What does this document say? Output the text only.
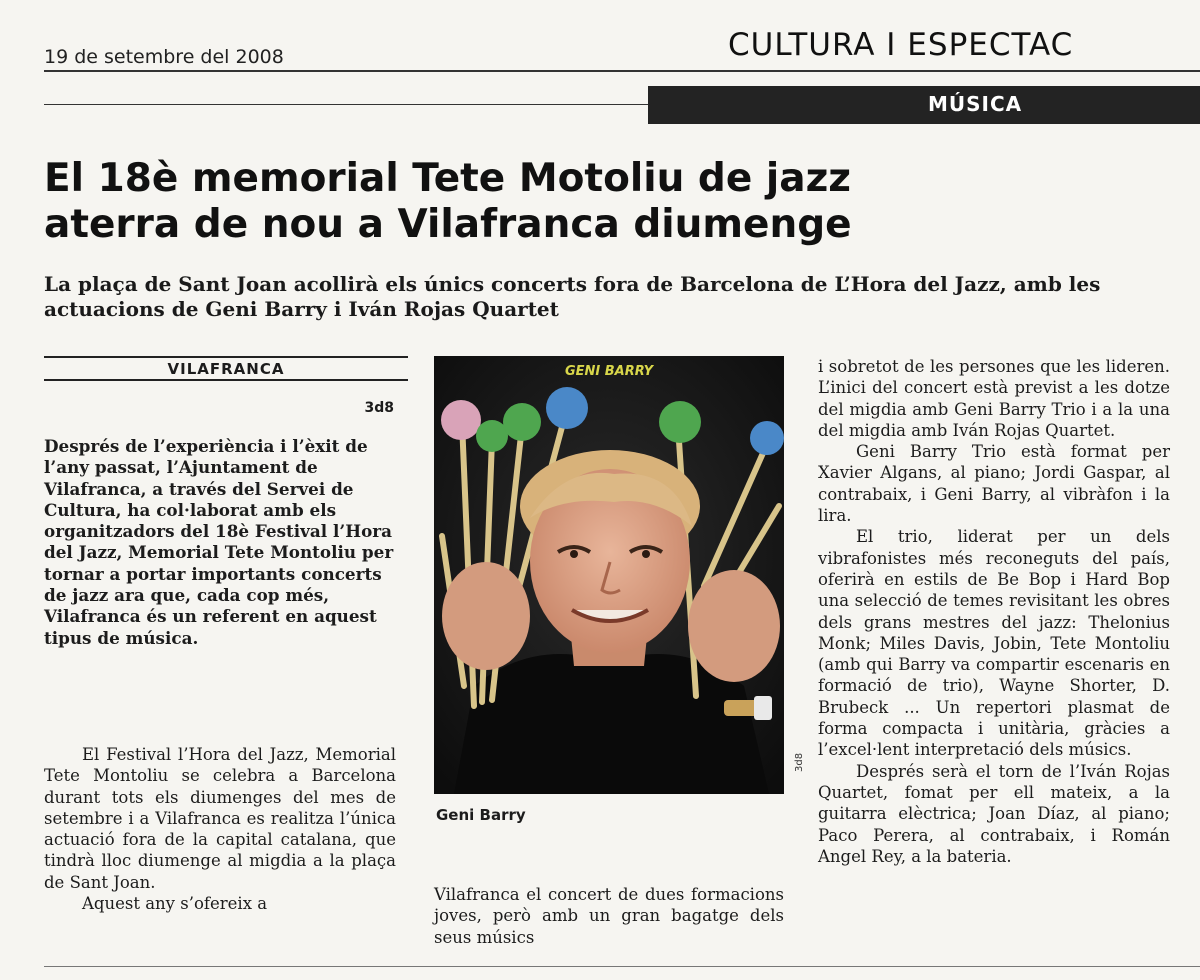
19 de setembre del 2008	CULTURA I ESPECTAC
MÚSICA
El 18è memorial Tete Motoliu de jazz
aterra de nou a Vilafranca diumenge

La plaça de Sant Joan acollirà els únics concerts fora de Barcelona de L’Hora del Jazz, amb les actuacions de Geni Barry i Iván Rojas Quartet

VILAFRANCA
3d8

Després de l’experiència i l’èxit de l’any passat, l’Ajuntament de Vilafranca, a través del Servei de Cultura, ha col·laborat amb els organitzadors del 18è Festival l’Hora del Jazz, Memorial Tete Montoliu per tornar a portar importants concerts de jazz ara que, cada cop més, Vilafranca és un referent en aquest tipus de música.

El Festival l’Hora del Jazz, Memorial Tete Montoliu se celebra a Barcelona durant tots els diumenges del mes de setembre i a Vilafranca es realitza l’única actuació fora de la capital catalana, que tindrà lloc diumenge al migdia a la plaça de Sant Joan.

Aquest any s’ofereix a

GENI BARRY
3d8
Geni Barry

Vilafranca el concert de dues formacions joves, però amb un gran bagatge dels seus músics

i sobretot de les persones que les lideren. L’inici del concert està previst a les dotze del migdia amb Geni Barry Trio i a la una del migdia amb Iván Rojas Quartet.

Geni Barry Trio està format per Xavier Algans, al piano; Jordi Gaspar, al contrabaix, i Geni Barry, al vibràfon i la lira.

El trio, liderat per un dels vibrafonistes més reconeguts del país, oferirà en estils de Be Bop i Hard Bop una selecció de temes revisitant les obres dels grans mestres del jazz: Thelonius Monk; Miles Davis, Jobin, Tete Montoliu (amb qui Barry va compartir escenaris en formació de trio), Wayne Shorter, D. Brubeck ... Un repertori plasmat de forma compacta i unitària, gràcies a l’excel·lent interpretació dels músics.

Després serà el torn de l’Iván Rojas Quartet, fomat per ell mateix, a la guitarra elèctrica; Joan Díaz, al piano; Paco Perera, al contrabaix, i Román Angel Rey, a la bateria.
